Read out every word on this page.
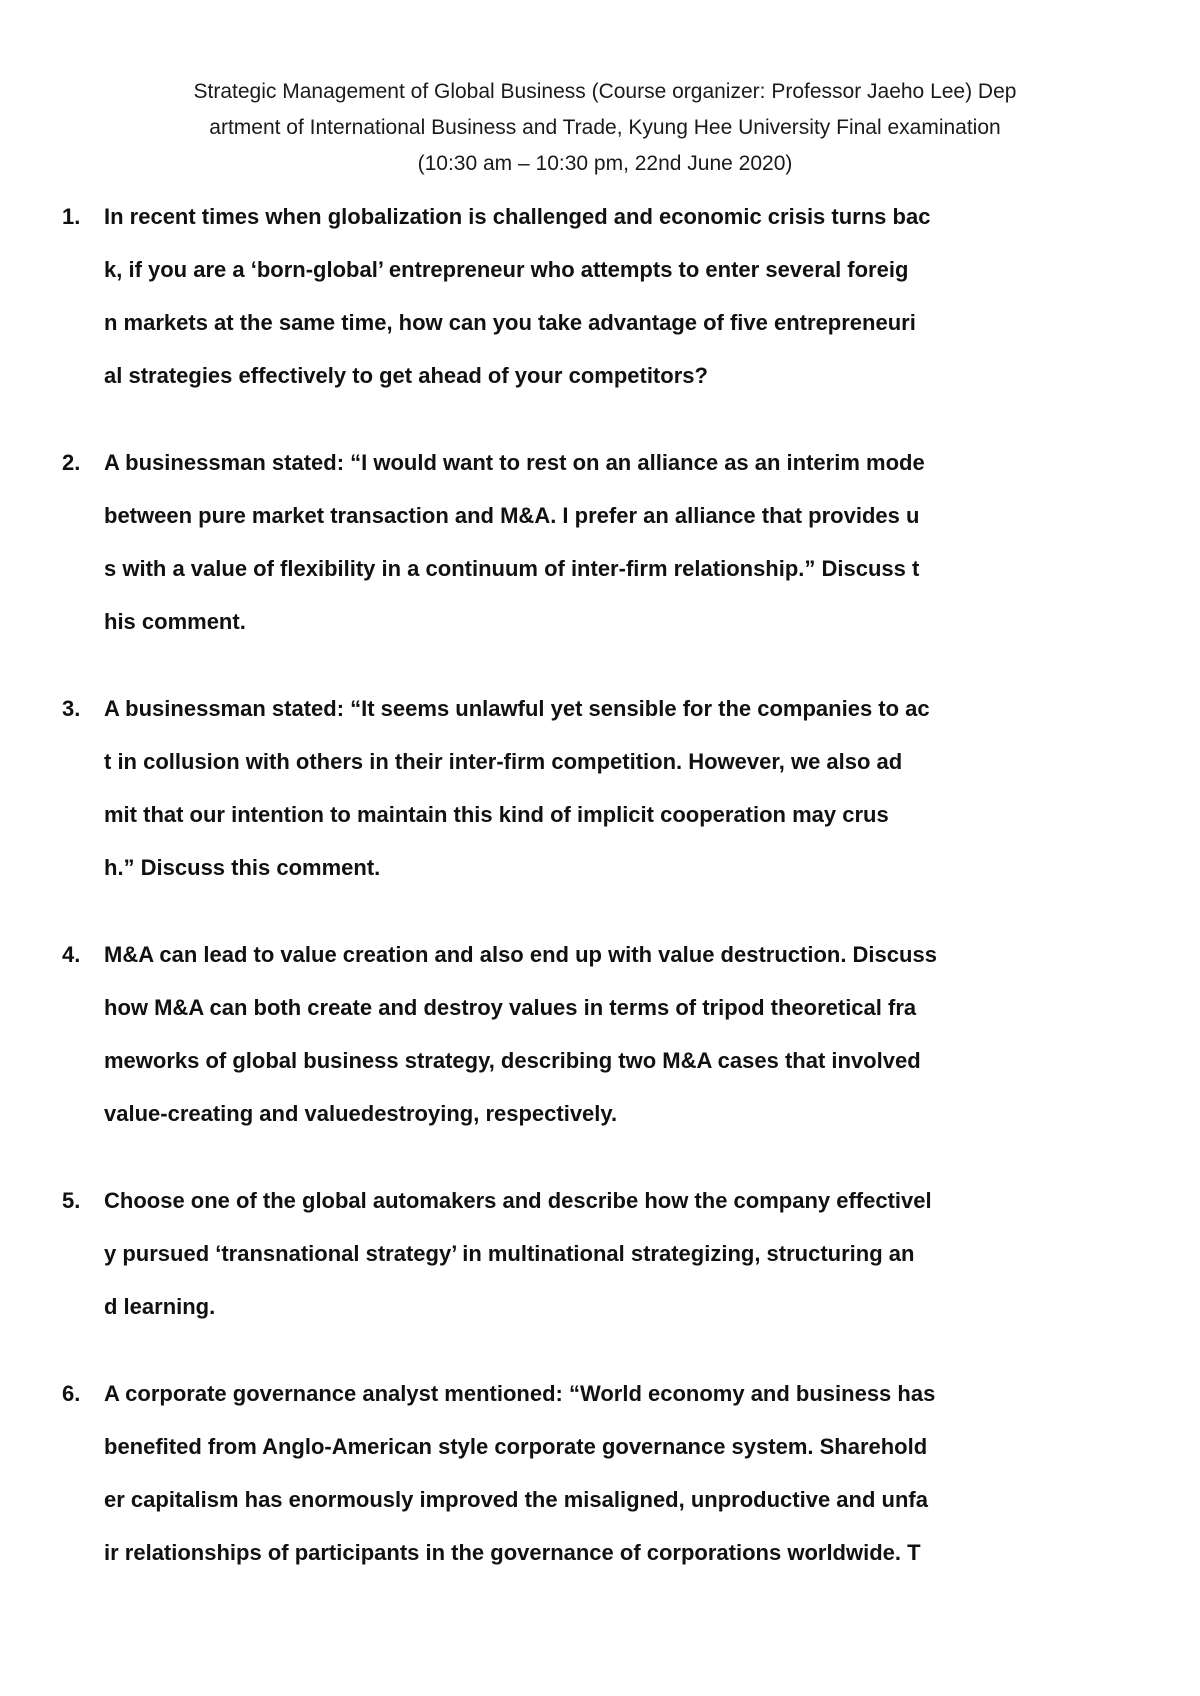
Strategic Management of Global Business (Course organizer: Professor Jaeho Lee) Dep
artment of International Business and Trade, Kyung Hee University Final examination
(10:30 am – 10:30 pm, 22nd June 2020)
1. In recent times when globalization is challenged and economic crisis turns bac
k, if you are a ‘born-global’ entrepreneur who attempts to enter several foreig
n markets at the same time, how can you take advantage of five entrepreneuri
al strategies effectively to get ahead of your competitors?
2. A businessman stated: “I would want to rest on an alliance as an interim mode
between pure market transaction and M&A. I prefer an alliance that provides u
s with a value of flexibility in a continuum of inter-firm relationship.” Discuss t
his comment.
3. A businessman stated: “It seems unlawful yet sensible for the companies to ac
t in collusion with others in their inter-firm competition. However, we also ad
mit that our intention to maintain this kind of implicit cooperation may crus
h.” Discuss this comment.
4. M&A can lead to value creation and also end up with value destruction. Discuss
how M&A can both create and destroy values in terms of tripod theoretical fra
meworks of global business strategy, describing two M&A cases that involved
value-creating and valuedestroying, respectively.
5. Choose one of the global automakers and describe how the company effectivel
y pursued ‘transnational strategy’ in multinational strategizing, structuring an
d learning.
6. A corporate governance analyst mentioned: “World economy and business has
benefited from Anglo-American style corporate governance system. Sharehold
er capitalism has enormously improved the misaligned, unproductive and unfa
ir relationships of participants in the governance of corporations worldwide. T
